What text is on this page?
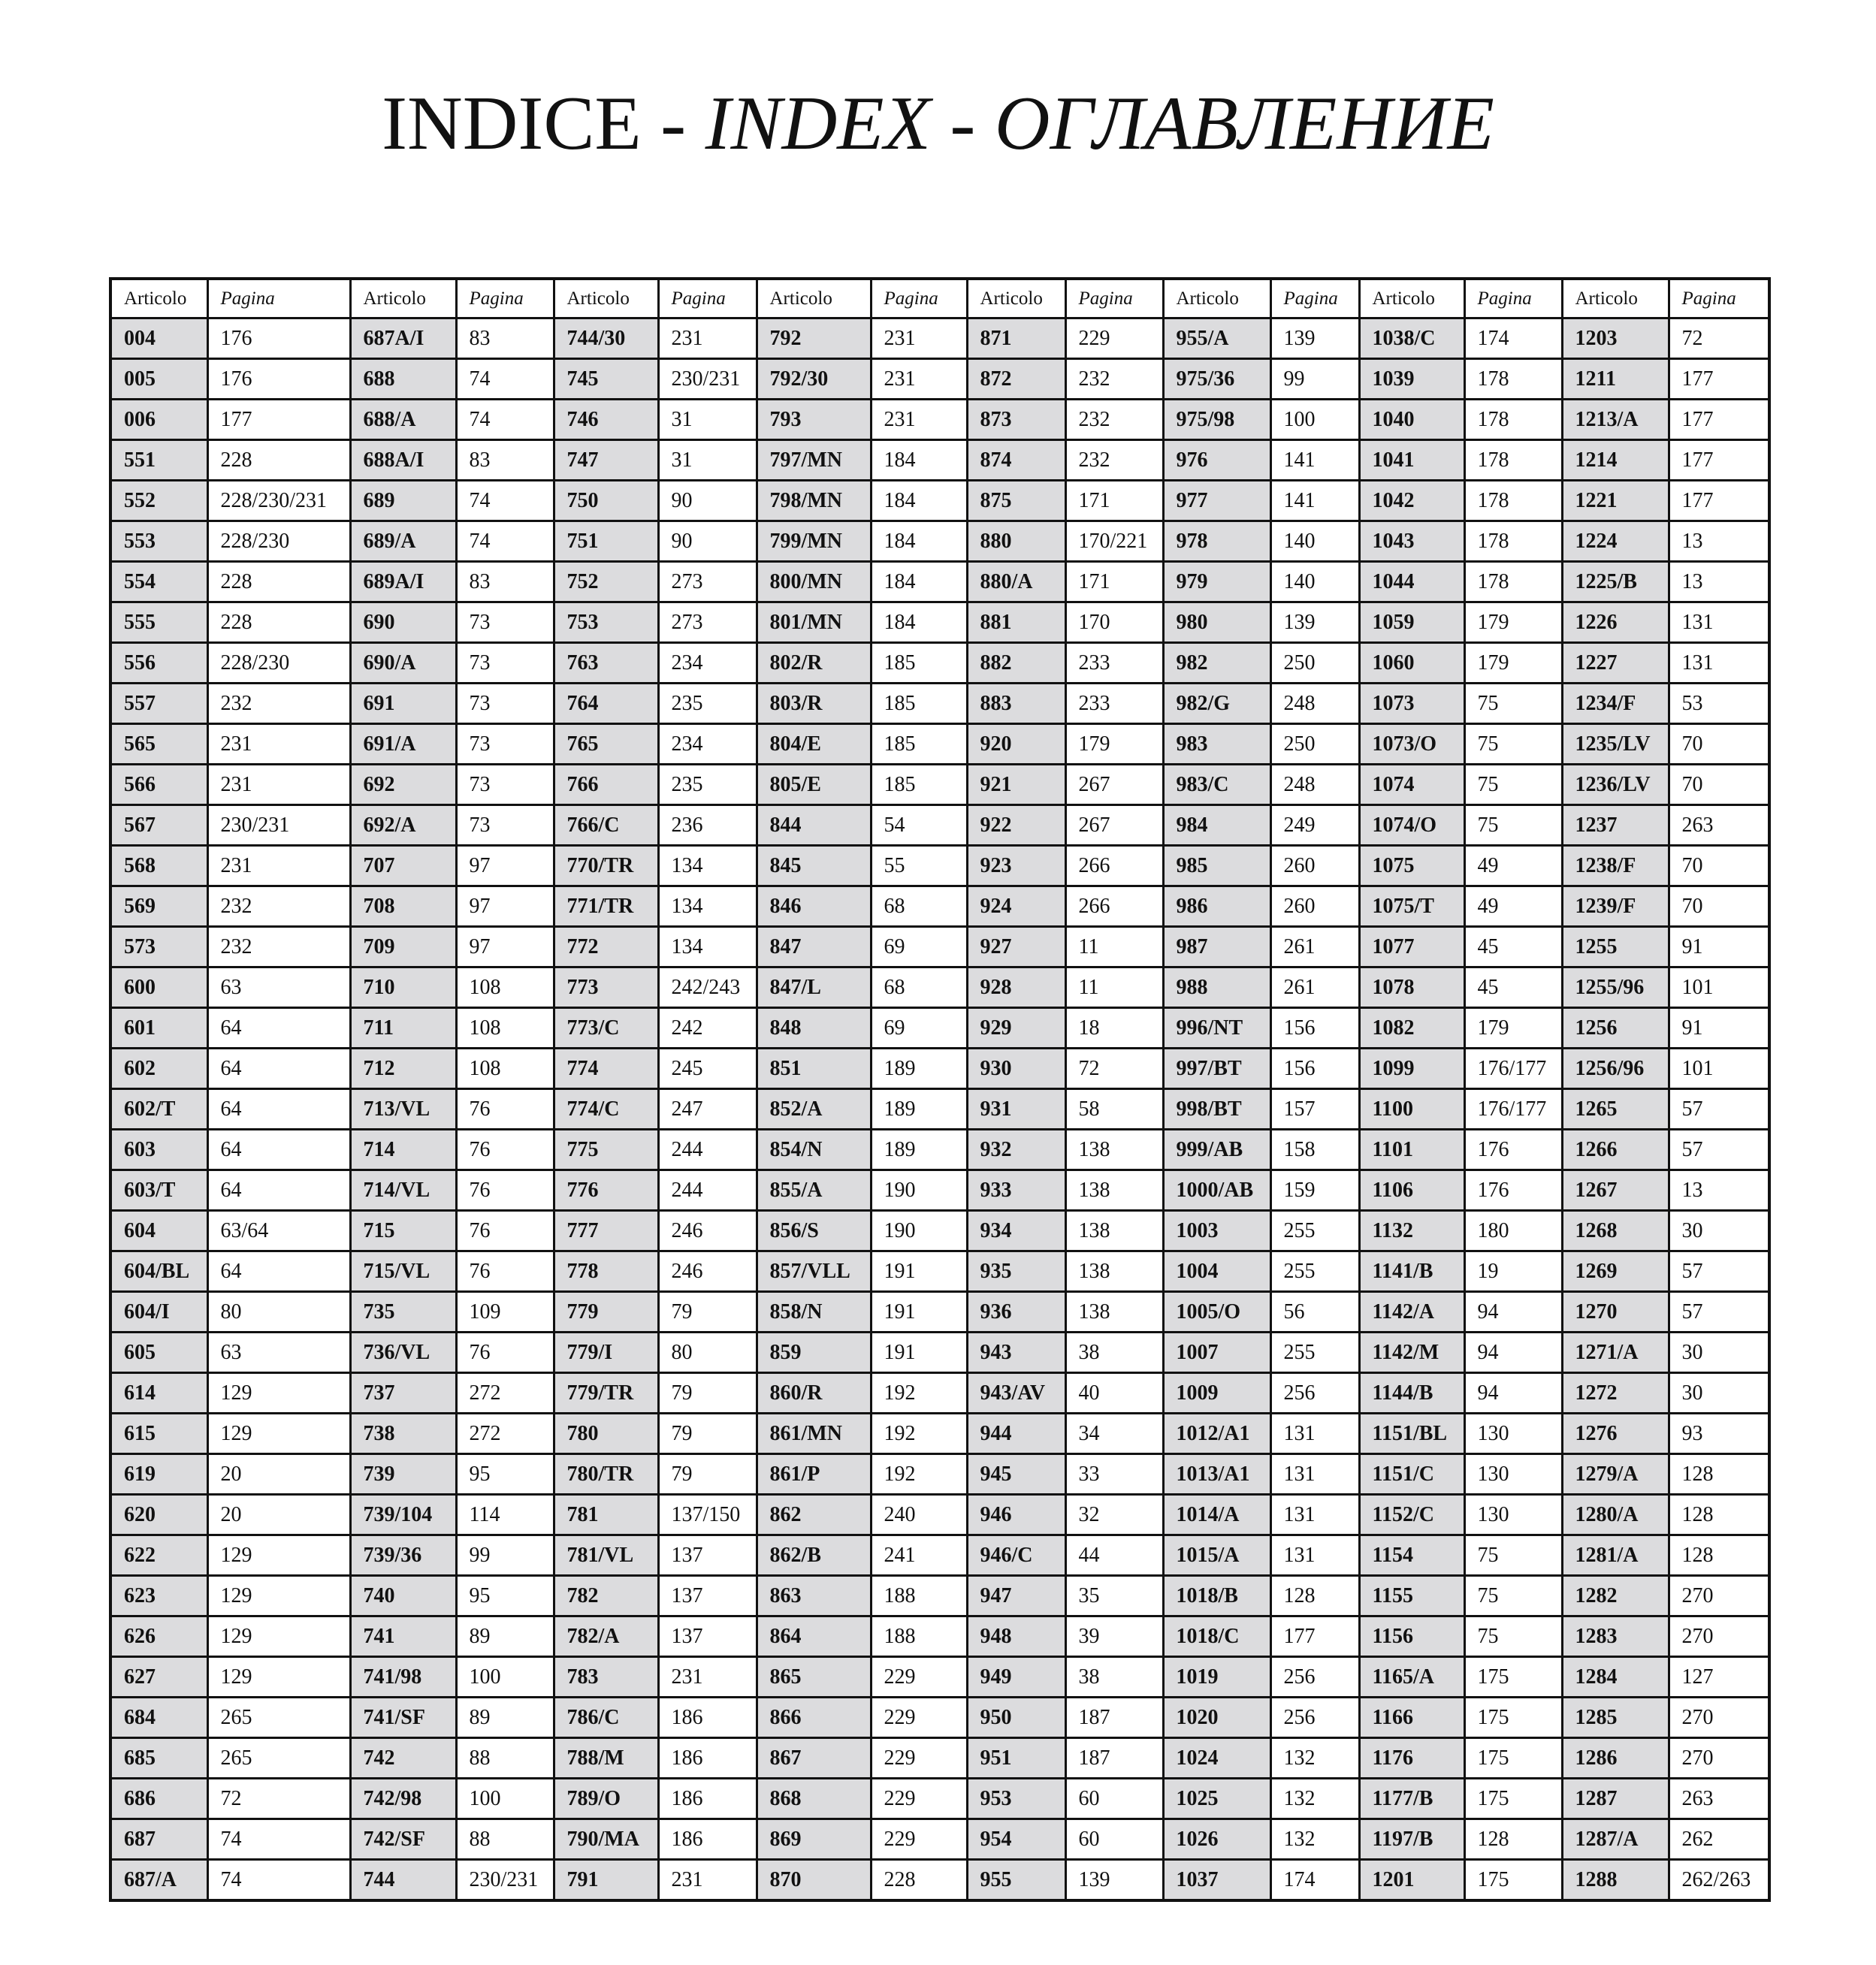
INDICE - INDEX - ОГЛАВЛЕНИЕ
Articolo	Pagina	Articolo	Pagina	Articolo	Pagina	Articolo	Pagina	Articolo	Pagina	Articolo	Pagina	Articolo	Pagina	Articolo	Pagina
004	176	687A/I	83	744/30	231	792	231	871	229	955/A	139	1038/C	174	1203	72
005	176	688	74	745	230/231	792/30	231	872	232	975/36	99	1039	178	1211	177
006	177	688/A	74	746	31	793	231	873	232	975/98	100	1040	178	1213/A	177
551	228	688A/I	83	747	31	797/MN	184	874	232	976	141	1041	178	1214	177
552	228/230/231	689	74	750	90	798/MN	184	875	171	977	141	1042	178	1221	177
553	228/230	689/A	74	751	90	799/MN	184	880	170/221	978	140	1043	178	1224	13
554	228	689A/I	83	752	273	800/MN	184	880/A	171	979	140	1044	178	1225/B	13
555	228	690	73	753	273	801/MN	184	881	170	980	139	1059	179	1226	131
556	228/230	690/A	73	763	234	802/R	185	882	233	982	250	1060	179	1227	131
557	232	691	73	764	235	803/R	185	883	233	982/G	248	1073	75	1234/F	53
565	231	691/A	73	765	234	804/E	185	920	179	983	250	1073/O	75	1235/LV	70
566	231	692	73	766	235	805/E	185	921	267	983/C	248	1074	75	1236/LV	70
567	230/231	692/A	73	766/C	236	844	54	922	267	984	249	1074/O	75	1237	263
568	231	707	97	770/TR	134	845	55	923	266	985	260	1075	49	1238/F	70
569	232	708	97	771/TR	134	846	68	924	266	986	260	1075/T	49	1239/F	70
573	232	709	97	772	134	847	69	927	11	987	261	1077	45	1255	91
600	63	710	108	773	242/243	847/L	68	928	11	988	261	1078	45	1255/96	101
601	64	711	108	773/C	242	848	69	929	18	996/NT	156	1082	179	1256	91
602	64	712	108	774	245	851	189	930	72	997/BT	156	1099	176/177	1256/96	101
602/T	64	713/VL	76	774/C	247	852/A	189	931	58	998/BT	157	1100	176/177	1265	57
603	64	714	76	775	244	854/N	189	932	138	999/AB	158	1101	176	1266	57
603/T	64	714/VL	76	776	244	855/A	190	933	138	1000/AB	159	1106	176	1267	13
604	63/64	715	76	777	246	856/S	190	934	138	1003	255	1132	180	1268	30
604/BL	64	715/VL	76	778	246	857/VLL	191	935	138	1004	255	1141/B	19	1269	57
604/I	80	735	109	779	79	858/N	191	936	138	1005/O	56	1142/A	94	1270	57
605	63	736/VL	76	779/I	80	859	191	943	38	1007	255	1142/M	94	1271/A	30
614	129	737	272	779/TR	79	860/R	192	943/AV	40	1009	256	1144/B	94	1272	30
615	129	738	272	780	79	861/MN	192	944	34	1012/A1	131	1151/BL	130	1276	93
619	20	739	95	780/TR	79	861/P	192	945	33	1013/A1	131	1151/C	130	1279/A	128
620	20	739/104	114	781	137/150	862	240	946	32	1014/A	131	1152/C	130	1280/A	128
622	129	739/36	99	781/VL	137	862/B	241	946/C	44	1015/A	131	1154	75	1281/A	128
623	129	740	95	782	137	863	188	947	35	1018/B	128	1155	75	1282	270
626	129	741	89	782/A	137	864	188	948	39	1018/C	177	1156	75	1283	270
627	129	741/98	100	783	231	865	229	949	38	1019	256	1165/A	175	1284	127
684	265	741/SF	89	786/C	186	866	229	950	187	1020	256	1166	175	1285	270
685	265	742	88	788/M	186	867	229	951	187	1024	132	1176	175	1286	270
686	72	742/98	100	789/O	186	868	229	953	60	1025	132	1177/B	175	1287	263
687	74	742/SF	88	790/MA	186	869	229	954	60	1026	132	1197/B	128	1287/A	262
687/A	74	744	230/231	791	231	870	228	955	139	1037	174	1201	175	1288	262/263
